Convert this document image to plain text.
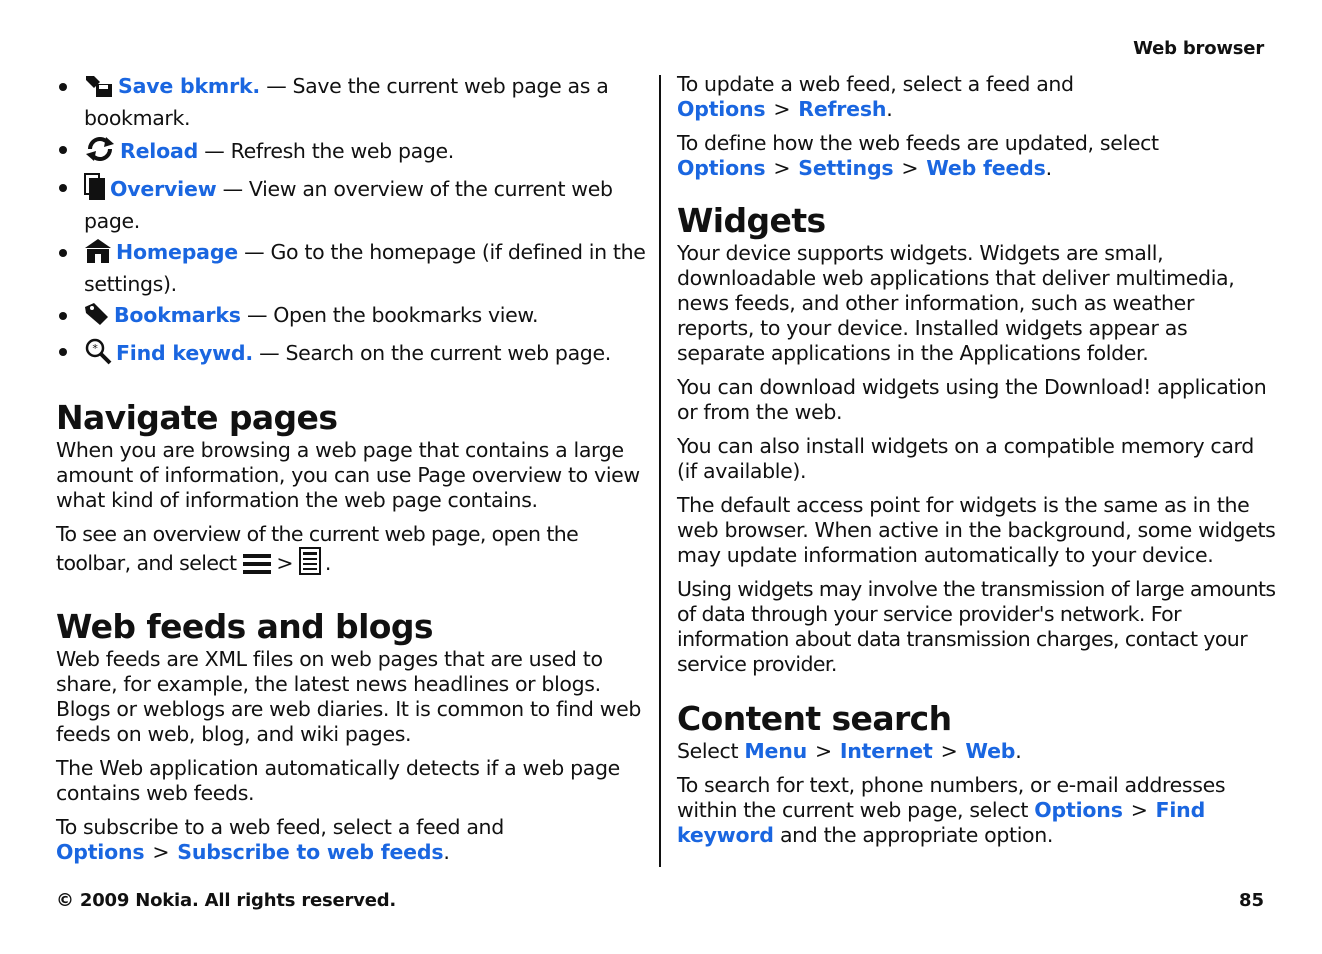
Web browser
Save bkmrk. — Save the current web page as a bookmark.
Reload — Refresh the web page.
Overview — View an overview of the current web page.
Homepage — Go to the homepage (if defined in the settings).
Bookmarks — Open the bookmarks view.
* Find keywd. — Search on the current web page.
Navigate pages

When you are browsing a web page that contains a large amount of information, you can use Page overview to view what kind of information the web page contains.

To see an overview of the current web page, open the toolbar, and select > .

Web feeds and blogs

Web feeds are XML files on web pages that are used to share, for example, the latest news headlines or blogs. Blogs or weblogs are web diaries. It is common to find web feeds on web, blog, and wiki pages.

The Web application automatically detects if a web page contains web feeds.

To subscribe to a web feed, select a feed and Options > Subscribe to web feeds.

To update a web feed, select a feed and Options > Refresh.

To define how the web feeds are updated, select Options > Settings > Web feeds.

Widgets

Your device supports widgets. Widgets are small, downloadable web applications that deliver multimedia, news feeds, and other information, such as weather reports, to your device. Installed widgets appear as separate applications in the Applications folder.

You can download widgets using the Download! application or from the web.

You can also install widgets on a compatible memory card (if available).

The default access point for widgets is the same as in the web browser. When active in the background, some widgets may update information automatically to your device.

Using widgets may involve the transmission of large amounts of data through your service provider's network. For information about data transmission charges, contact your service provider.

Content search

Select Menu > Internet > Web.

To search for text, phone numbers, or e-mail addresses within the current web page, select Options > Find keyword and the appropriate option.

© 2009 Nokia. All rights reserved.	85
